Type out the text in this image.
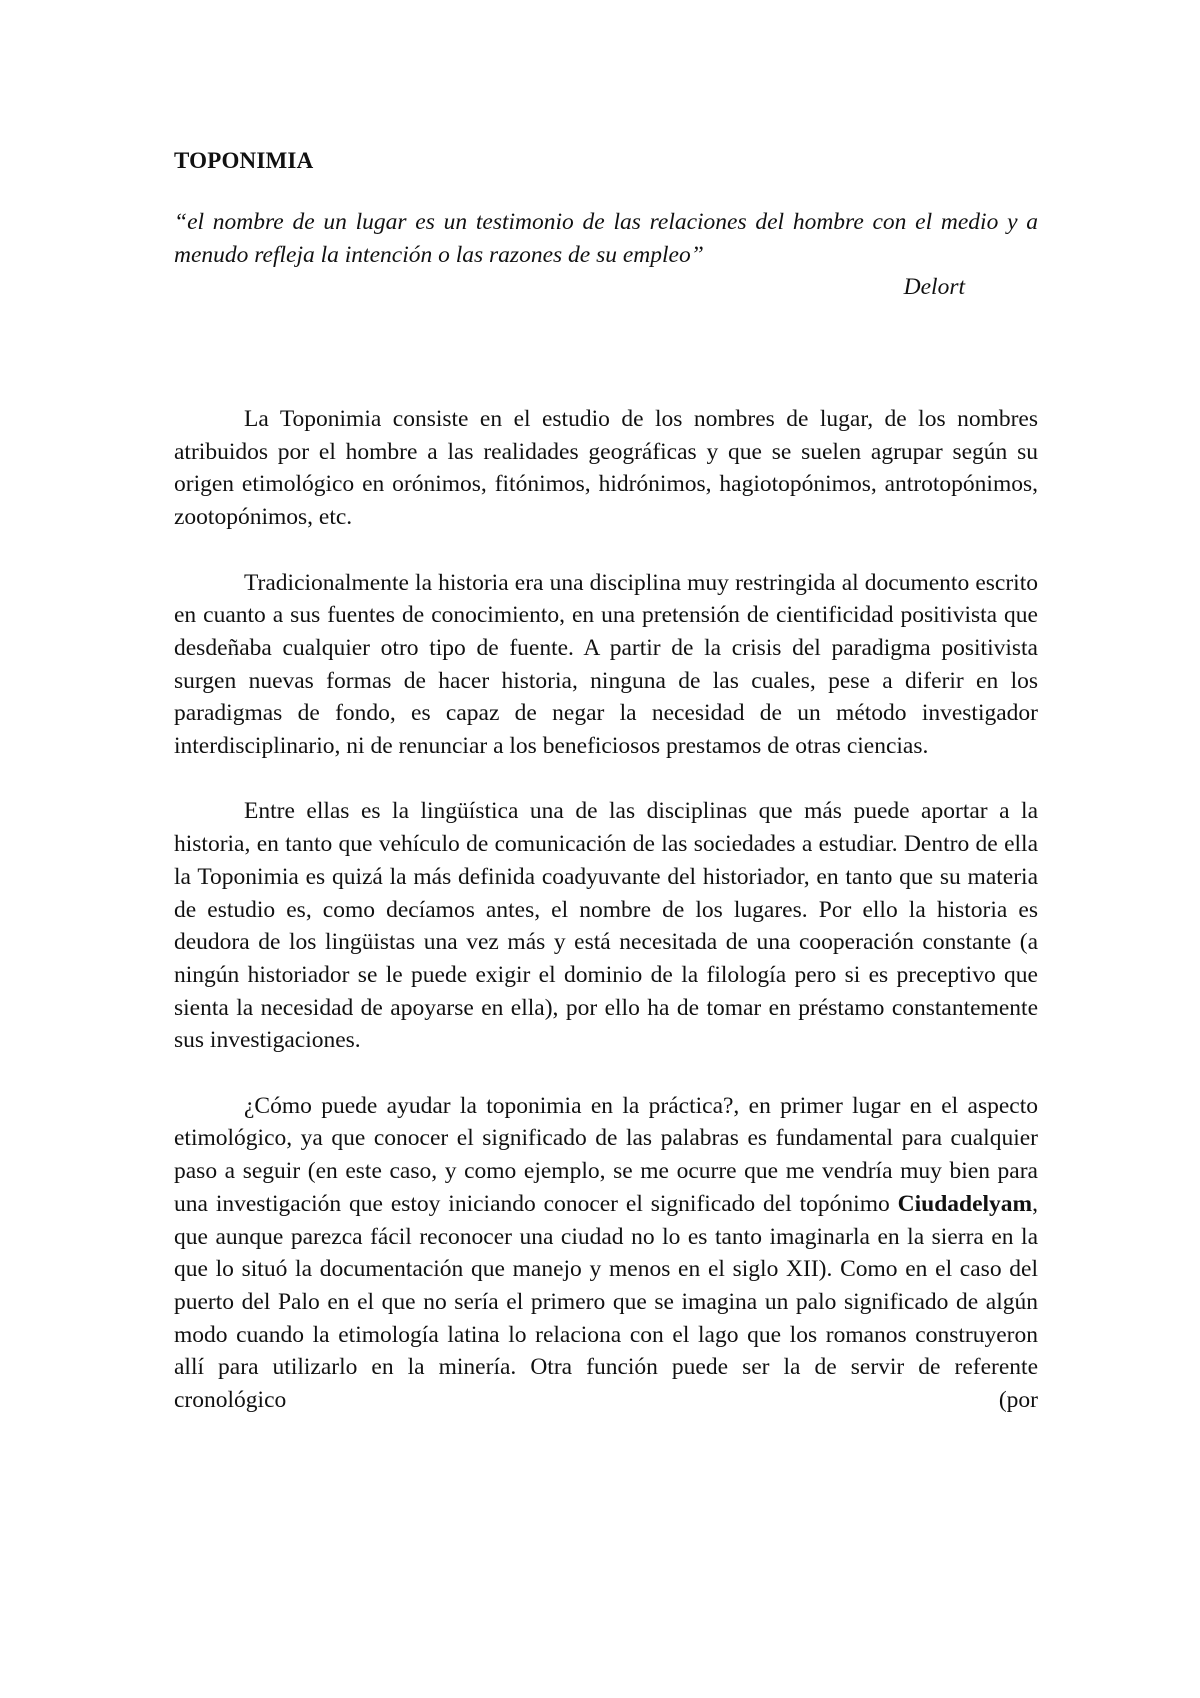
TOPONIMIA
“el nombre de un lugar es un testimonio de las relaciones del hombre con el medio y a menudo refleja la intención o las razones de su empleo”
Delort

La Toponimia consiste en el estudio de los nombres de lugar, de los nombres atribuidos por el hombre a las realidades geográficas y que se suelen agrupar según su origen etimológico en orónimos, fitónimos, hidrónimos, hagiotopónimos, antrotopónimos, zootopónimos, etc.

Tradicionalmente la historia era una disciplina muy restringida al documento escrito en cuanto a sus fuentes de conocimiento, en una pretensión de cientificidad positivista que desdeñaba cualquier otro tipo de fuente. A partir de la crisis del paradigma positivista surgen nuevas formas de hacer historia, ninguna de las cuales, pese a diferir en los paradigmas de fondo, es capaz de negar la necesidad de un método investigador interdisciplinario, ni de renunciar a los beneficiosos prestamos de otras ciencias.

Entre ellas es la lingüística una de las disciplinas que más puede aportar a la historia, en tanto que vehículo de comunicación de las sociedades a estudiar. Dentro de ella la Toponimia es quizá la más definida coadyuvante del historiador, en tanto que su materia de estudio es, como decíamos antes, el nombre de los lugares. Por ello la historia es deudora de los lingüistas una vez más y está necesitada de una cooperación constante (a ningún historiador se le puede exigir el dominio de la filología pero si es preceptivo que sienta la necesidad de apoyarse en ella), por ello ha de tomar en préstamo constantemente sus investigaciones.

¿Cómo puede ayudar la toponimia en la práctica?, en primer lugar en el aspecto etimológico, ya que conocer el significado de las palabras es fundamental para cualquier paso a seguir (en este caso, y como ejemplo, se me ocurre que me vendría muy bien para una investigación que estoy iniciando conocer el significado del topónimo Ciudadelyam, que aunque parezca fácil reconocer una ciudad no lo es tanto imaginarla en la sierra en la que lo situó la documentación que manejo y menos en el siglo XII). Como en el caso del puerto del Palo en el que no sería el primero que se imagina un palo significado de algún modo cuando la etimología latina lo relaciona con el lago que los romanos construyeron allí para utilizarlo en la minería. Otra función puede ser la de servir de referente cronológico (por
